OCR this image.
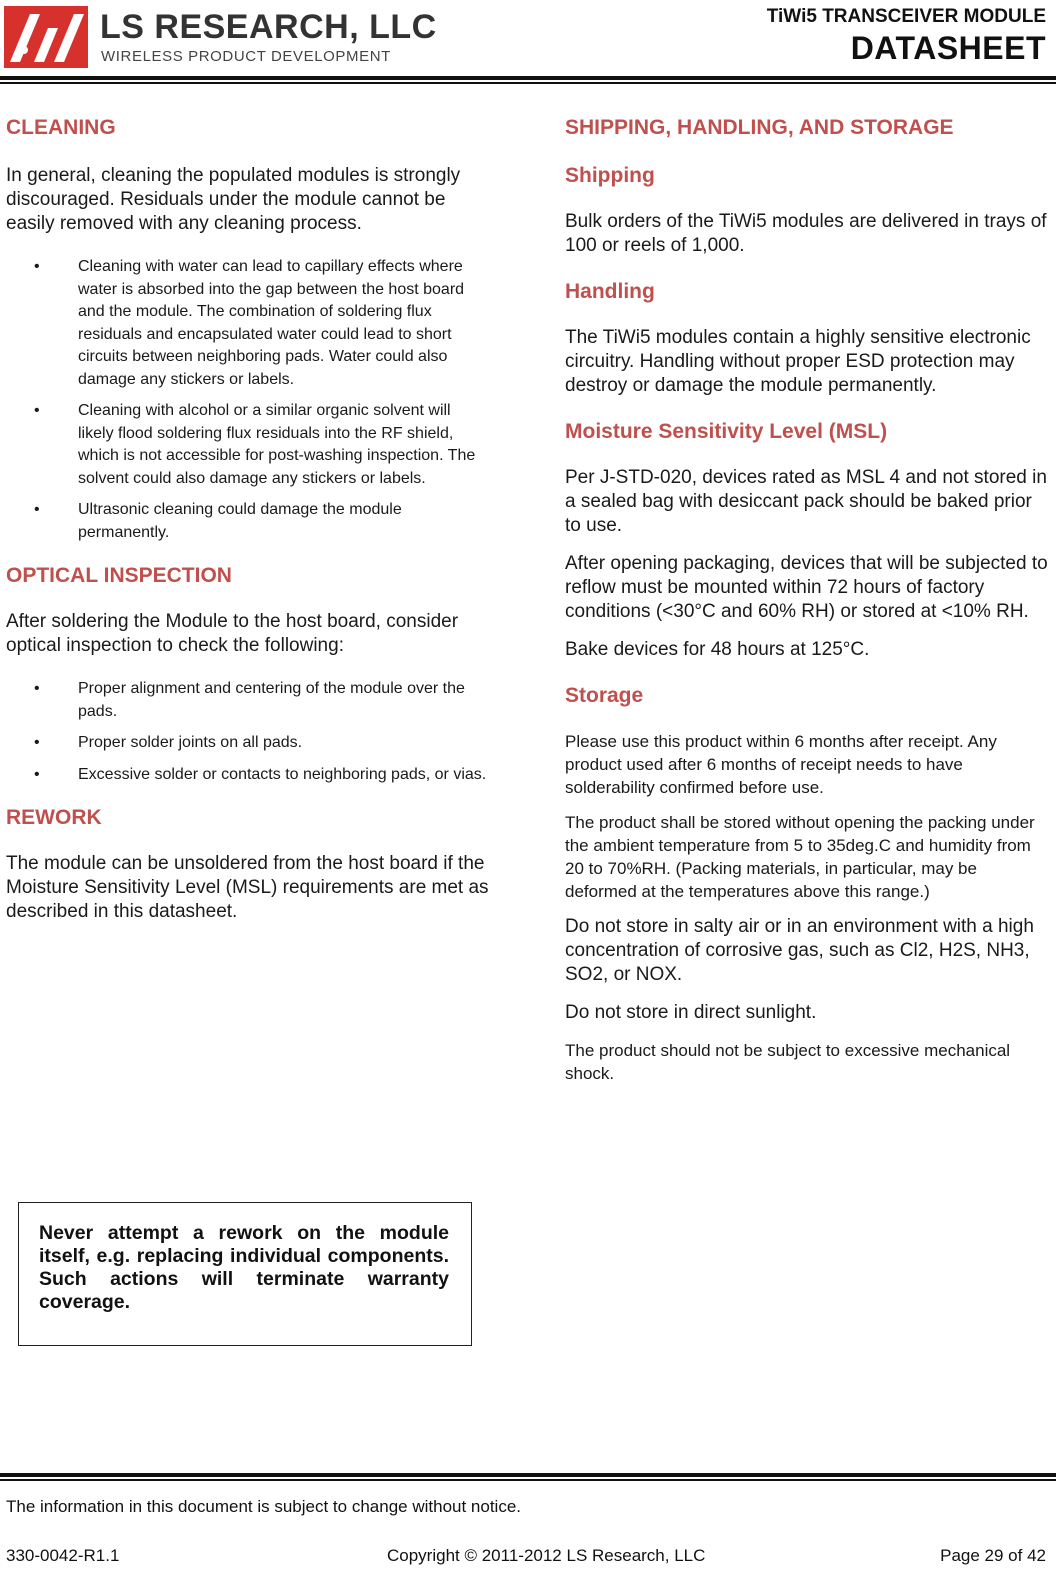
LS RESEARCH, LLC
WIRELESS PRODUCT DEVELOPMENT
TiWi5 TRANSCEIVER MODULE
DATASHEET
CLEANING

In general, cleaning the populated modules is strongly discouraged. Residuals under the module cannot be easily removed with any cleaning process.

• Cleaning with water can lead to capillary effects where water is absorbed into the gap between the host board and the module. The combination of soldering flux residuals and encapsulated water could lead to short circuits between neighboring pads. Water could also damage any stickers or labels.
• Cleaning with alcohol or a similar organic solvent will likely flood soldering flux residuals into the RF shield, which is not accessible for post-washing inspection. The solvent could also damage any stickers or labels.
• Ultrasonic cleaning could damage the module permanently.
OPTICAL INSPECTION

After soldering the Module to the host board, consider optical inspection to check the following:

• Proper alignment and centering of the module over the pads.
• Proper solder joints on all pads.
• Excessive solder or contacts to neighboring pads, or vias.
REWORK

The module can be unsoldered from the host board if the Moisture Sensitivity Level (MSL) requirements are met as described in this datasheet.

Never attempt a rework on the module itself, e.g. replacing individual components. Such actions will terminate warranty coverage.

SHIPPING, HANDLING, AND STORAGE
Shipping

Bulk orders of the TiWi5 modules are delivered in trays of 100 or reels of 1,000.

Handling

The TiWi5 modules contain a highly sensitive electronic circuitry. Handling without proper ESD protection may destroy or damage the module permanently.

Moisture Sensitivity Level (MSL)

Per J-STD-020, devices rated as MSL 4 and not stored in a sealed bag with desiccant pack should be baked prior to use.

After opening packaging, devices that will be subjected to reflow must be mounted within 72 hours of factory conditions (<30°C and 60% RH) or stored at <10% RH.

Bake devices for 48 hours at 125°C.

Storage

Please use this product within 6 months after receipt. Any product used after 6 months of receipt needs to have solderability confirmed before use.

The product shall be stored without opening the packing under the ambient temperature from 5 to 35deg.C and humidity from 20 to 70%RH. (Packing materials, in particular, may be deformed at the temperatures above this range.)

Do not store in salty air or in an environment with a high concentration of corrosive gas, such as Cl2, H2S, NH3, SO2, or NOX.

Do not store in direct sunlight.

The product should not be subject to excessive mechanical shock.

The information in this document is subject to change without notice.
330-0042-R1.1	Copyright © 2011-2012 LS Research, LLC	Page 29 of 42
